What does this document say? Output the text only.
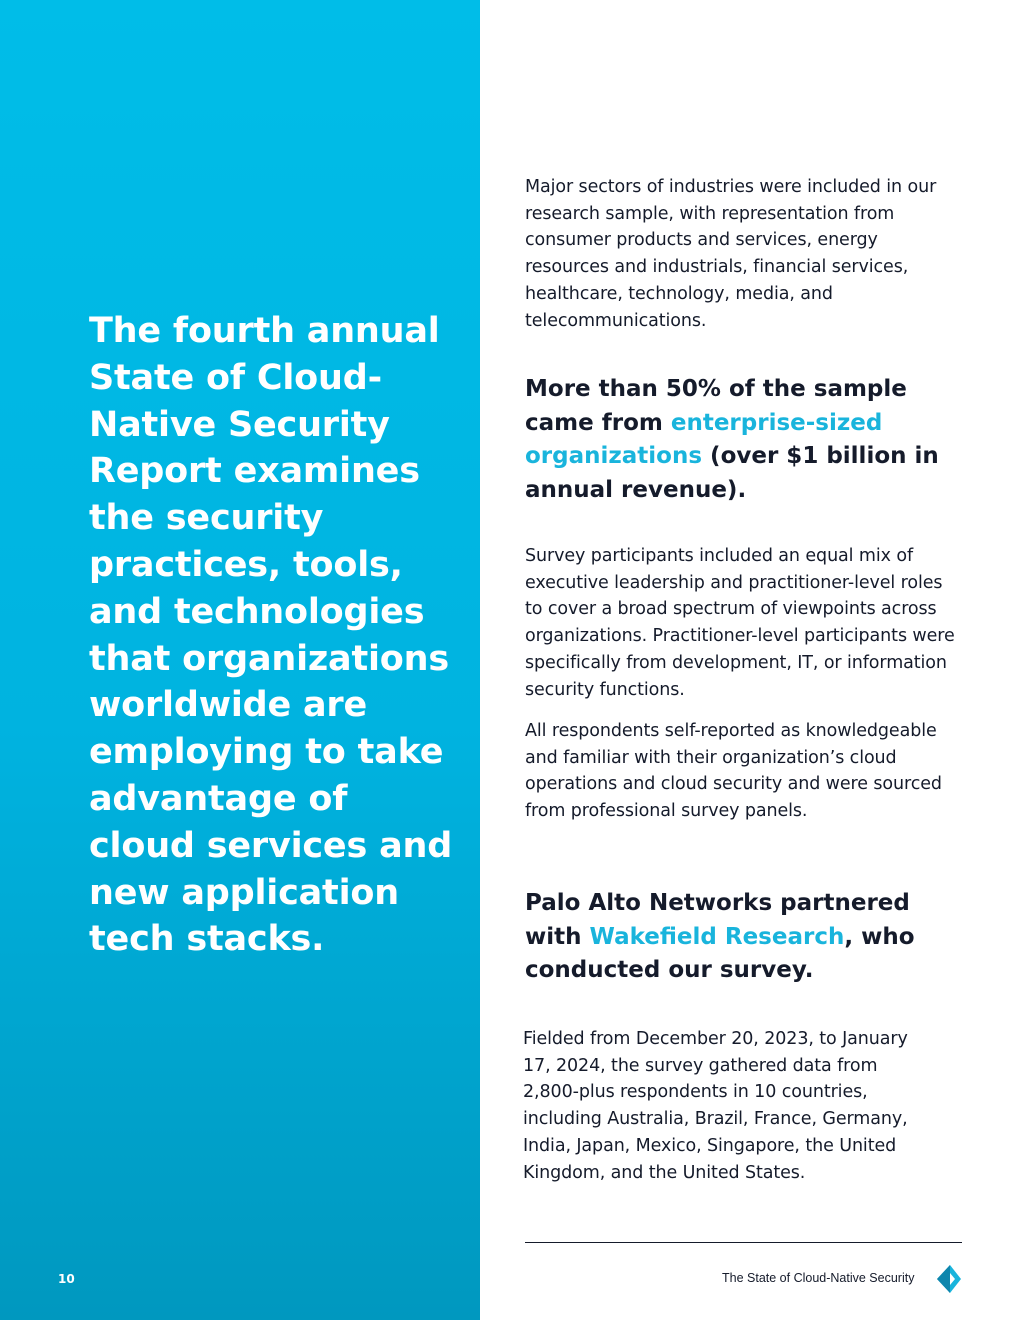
The fourth annual State of Cloud-Native Security Report examines the security practices, tools, and technologies that organizations worldwide are employing to take advantage of cloud services and new application tech stacks.
10

Major sectors of industries were included in our research sample, with representation from consumer products and services, energy resources and industrials, financial services, healthcare, technology, media, and telecommunications.

More than 50% of the sample came from enterprise-sized organizations (over $1 billion in annual revenue).

Survey participants included an equal mix of executive leadership and practitioner-level roles to cover a broad spectrum of viewpoints across organizations. Practitioner-level participants were specifically from development, IT, or information security functions.

All respondents self-reported as knowledgeable and familiar with their organization’s cloud operations and cloud security and were sourced from professional survey panels.

Palo Alto Networks partnered with Wakefield Research, who conducted our survey.

Fielded from December 20, 2023, to January 17, 2024, the survey gathered data from 2,800-plus respondents in 10 countries, including Australia, Brazil, France, Germany, India, Japan, Mexico, Singapore, the United Kingdom, and the United States.

The State of Cloud-Native Security
